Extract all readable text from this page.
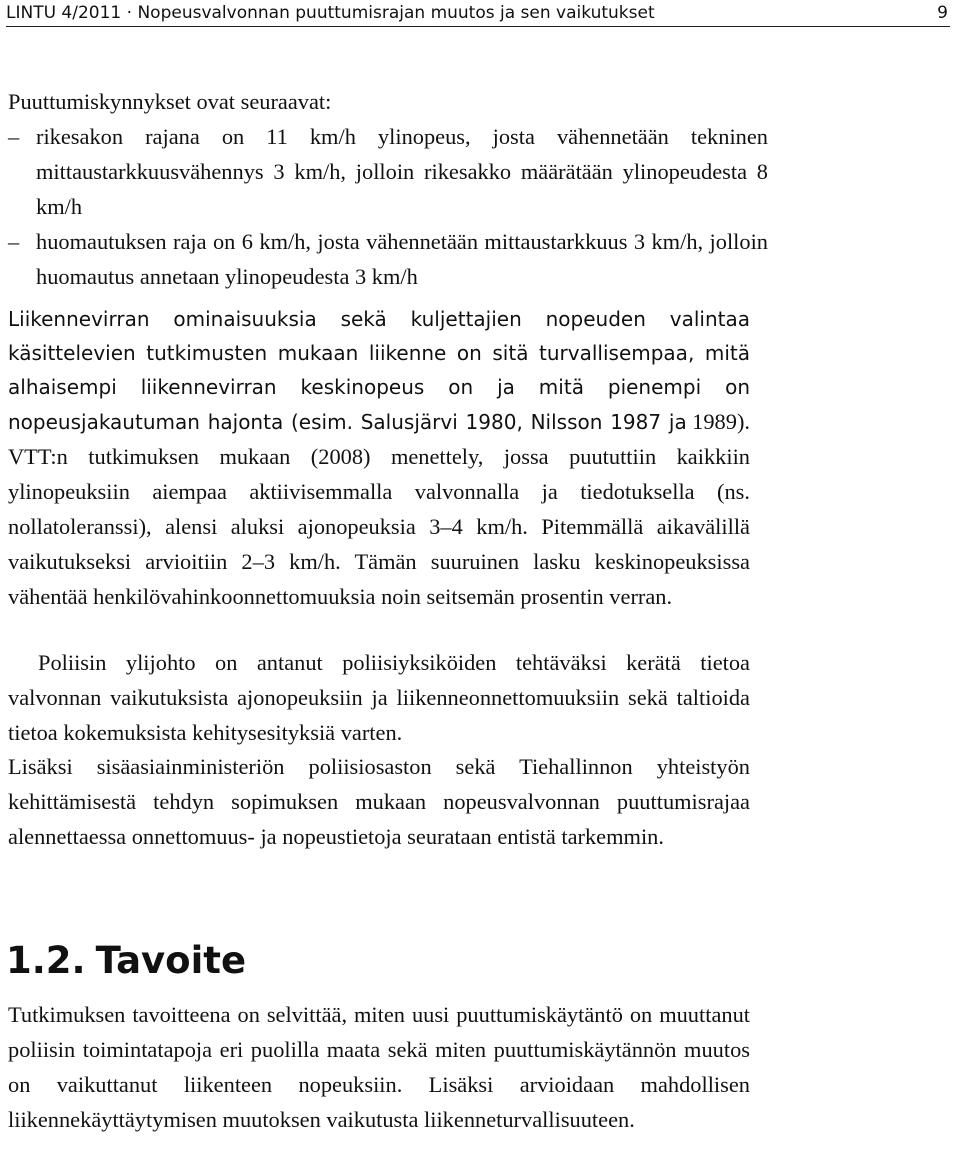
LINTU 4/2011 · Nopeusvalvonnan puuttumisrajan muutos ja sen vaikutukset	9

Puuttumiskynnykset ovat seuraavat:

– rikesakon rajana on 11 km/h ylinopeus, josta vähennetään tekninen mittaustarkkuusvähennys 3 km/h, jolloin rikesakko määrätään ylinopeudesta 8 km/h
– huomautuksen raja on 6 km/h, josta vähennetään mittaustarkkuus 3 km/h, jolloin huomautus annetaan ylinopeudesta 3 km/h

Liikennevirran ominaisuuksia sekä kuljettajien nopeuden valintaa käsittelevien tutkimusten mukaan liikenne on sitä turvallisempaa, mitä alhaisempi liikennevirran keskinopeus on ja mitä pienempi on nopeusjakautuman hajonta (esim. Salusjärvi 1980, Nilsson 1987 ja 1989). VTT:n tutkimuksen mukaan (2008) menettely, jossa puututtiin kaikkiin ylinopeuksiin aiempaa aktiivisemmalla valvonnalla ja tiedotuksella (ns. nollatoleranssi), alensi aluksi ajonopeuksia 3–4 km/h. Pitemmällä aikavälillä vaikutukseksi arvioitiin 2–3 km/h. Tämän suuruinen lasku keskinopeuksissa vähentää henkilövahinkoonnettomuuksia noin seitsemän prosentin verran.

Poliisin ylijohto on antanut poliisiyksiköiden tehtäväksi kerätä tietoa valvonnan vaikutuksista ajonopeuksiin ja liikenneonnettomuuksiin sekä taltioida tietoa kokemuksista kehitysesityksiä varten.

Lisäksi sisäasiainministeriön poliisiosaston sekä Tiehallinnon yhteistyön kehittämisestä tehdyn sopimuksen mukaan nopeusvalvonnan puuttumisrajaa alennettaessa onnettomuus- ja nopeustietoja seurataan entistä tarkemmin.

1.2. Tavoite

Tutkimuksen tavoitteena on selvittää, miten uusi puuttumiskäytäntö on muuttanut poliisin toimintatapoja eri puolilla maata sekä miten puuttumiskäytännön muutos on vaikuttanut liikenteen nopeuksiin. Lisäksi arvioidaan mahdollisen liikennekäyttäytymisen muutoksen vaikutusta liikenneturvallisuuteen.
